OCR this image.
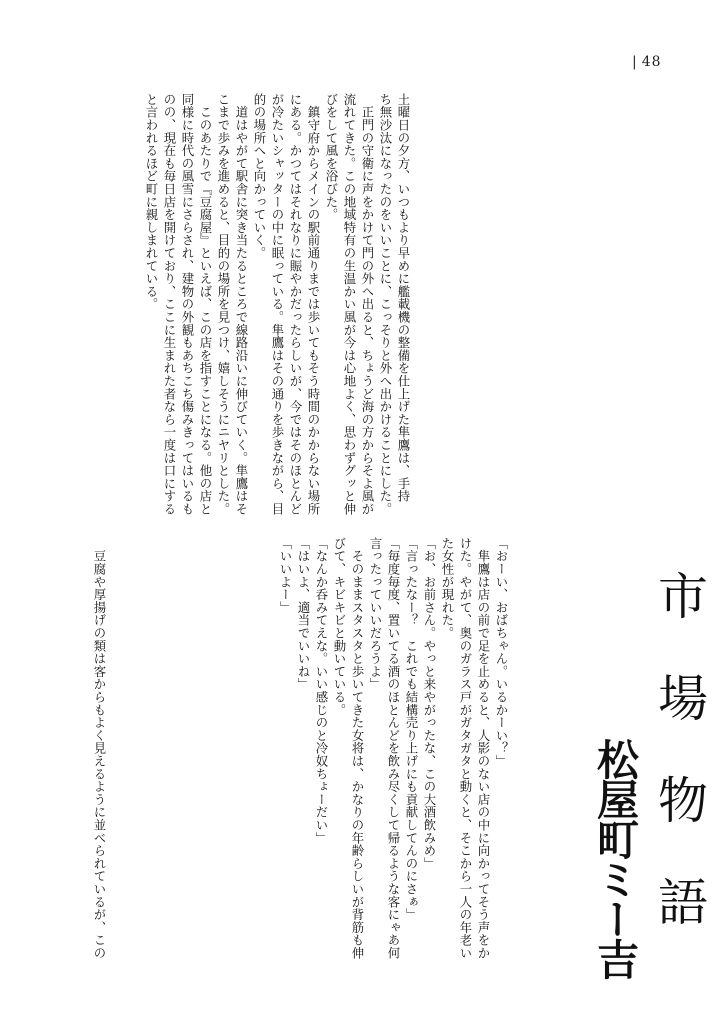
| 48

土曜日の夕方、いつもより早めに艦載機の整備を仕上げた隼鷹は、手持

ち無沙汰になったのをいいことに、こっそりと外へ出かけることにした。

　正門の守衛に声をかけて門の外へ出ると、ちょうど海の方からそよ風が

流れてきた。この地域特有の生温かい風が今は心地よく、思わずグッと伸

びをして風を浴びた。

　鎮守府からメインの駅前通りまでは歩いてもそう時間のかからない場所

にある。かつてはそれなりに賑やかだったらしいが、今ではそのほとんど

が冷たいシャッターの中に眠っている。隼鷹はその通りを歩きながら、目

的の場所へと向かっていく。

　道はやがて駅舎に突き当たるところで線路沿いに伸びていく。隼鷹はそ

こまで歩みを進めると、目的の場所を見つけ、嬉しそうにニヤリとした。

　このあたりで『豆腐屋』といえば、この店を指すことになる。他の店と

同様に時代の風雪にさらされ、建物の外観もあちこち傷みきってはいるも

のの、現在も毎日店を開けており、ここに生まれた者なら一度は口にする

と言われるほど町に親しまれている。

市場物語
松屋町ミー吉

「おーい、おばちゃん。いるかーい？」

　隼鷹は店の前で足を止めると、人影のない店の中に向かってそう声をか

けた。やがて、奥のガラス戸がガタガタと動くと、そこから一人の年老い

た女性が現れた。

「お、お前さん。やっと来やがったな、この大酒飲みめ」

「言ったなー？　これでも結構売り上げにも貢献してんのにさぁ」

「毎度毎度、置いてる酒のほとんどを飲み尽くして帰るような客にゃあ何

言ったっていいだろうよ」

　そのままスタスタと歩いてきた女将は、かなりの年齢らしいが背筋も伸

びて、キビキビと動いている。

「なんか呑みてえな。いい感じのと冷奴ちょーだい」

「はいよ、適当でいいね」

「いいよー」

　豆腐や厚揚げの類は客からもよく見えるように並べられているが、この
